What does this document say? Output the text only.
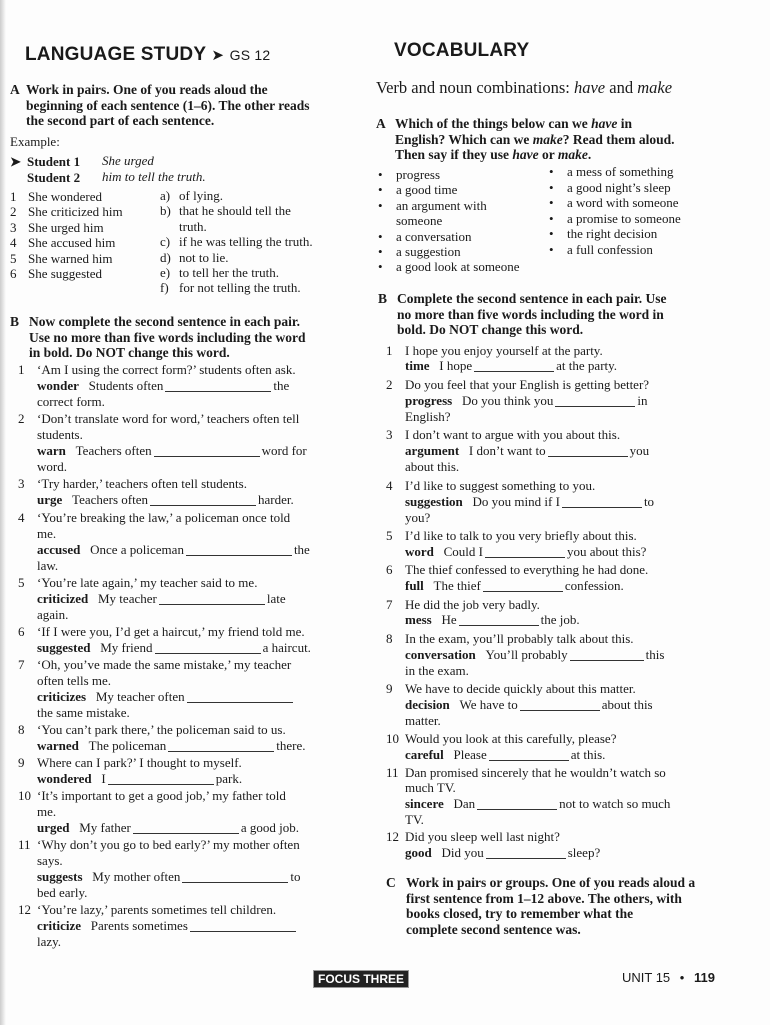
LANGUAGE STUDY ➤ GS 12
A Work in pairs. One of you reads aloud the
beginning of each sentence (1–6). The other reads
the second part of each sentence.
Example:
➤ Student 1 She urged
Student 2 him to tell the truth.
1 She wondered
2 She criticized him
3 She urged him
4 She accused him
5 She warned him
6 She suggested
a) of lying.
b) that he should tell the
truth.
c) if he was telling the truth.
d) not to lie.
e) to tell her the truth.
f) for not telling the truth.
B Now complete the second sentence in each pair.
Use no more than five words including the word
in bold. Do NOT change this word.
1 ‘Am I using the correct form?’ students often ask.
wonder Students often	the
correct form.
2 ‘Don’t translate word for word,’ teachers often tell
students.
warn Teachers often	word for
word.
3 ‘Try harder,’ teachers often tell students.
urge Teachers often	harder.
4 ‘You’re breaking the law,’ a policeman once told
me.
accused Once a policeman	the
law.
5 ‘You’re late again,’ my teacher said to me.
criticized My teacher	late
again.
6 ‘If I were you, I’d get a haircut,’ my friend told me.
suggested My friend	a haircut.
7 ‘Oh, you’ve made the same mistake,’ my teacher
often tells me.
criticizes My teacher often
the same mistake.
8 ‘You can’t park there,’ the policeman said to us.
warned The policeman	there.
9 Where can I park?’ I thought to myself.
wondered I	park.
10 ‘It’s important to get a good job,’ my father told
me.
urged My father	a good job.
11 ‘Why don’t you go to bed early?’ my mother often
says.
suggests My mother often	to
bed early.
12 ‘You’re lazy,’ parents sometimes tell children.
criticize Parents sometimes
lazy.
VOCABULARY
Verb and noun combinations: have and make
A Which of the things below can we have in
English? Which can we make? Read them aloud.
Then say if they use have or make.
• progress
• a good time
• an argument with
someone
• a conversation
• a suggestion
• a good look at someone
• a mess of something
• a good night’s sleep
• a word with someone
• a promise to someone
• the right decision
• a full confession
B Complete the second sentence in each pair. Use
no more than five words including the word in
bold. Do NOT change this word.
1 I hope you enjoy yourself at the party.
time I hope	at the party.
2 Do you feel that your English is getting better?
progress Do you think you	in
English?
3 I don’t want to argue with you about this.
argument I don’t want to	you
about this.
4 I’d like to suggest something to you.
suggestion Do you mind if I	to
you?
5 I’d like to talk to you very briefly about this.
word Could I	you about this?
6 The thief confessed to everything he had done.
full The thief	confession.
7 He did the job very badly.
mess He	the job.
8 In the exam, you’ll probably talk about this.
conversation You’ll probably	this
in the exam.
9 We have to decide quickly about this matter.
decision We have to	about this
matter.
10 Would you look at this carefully, please?
careful Please	at this.
11 Dan promised sincerely that he wouldn’t watch so
much TV.
sincere Dan	not to watch so much
TV.
12 Did you sleep well last night?
good Did you	sleep?
C Work in pairs or groups. One of you reads aloud a
first sentence from 1–12 above. The others, with
books closed, try to remember what the
complete second sentence was.
FOCUS THREE	UNIT 15 • 119
